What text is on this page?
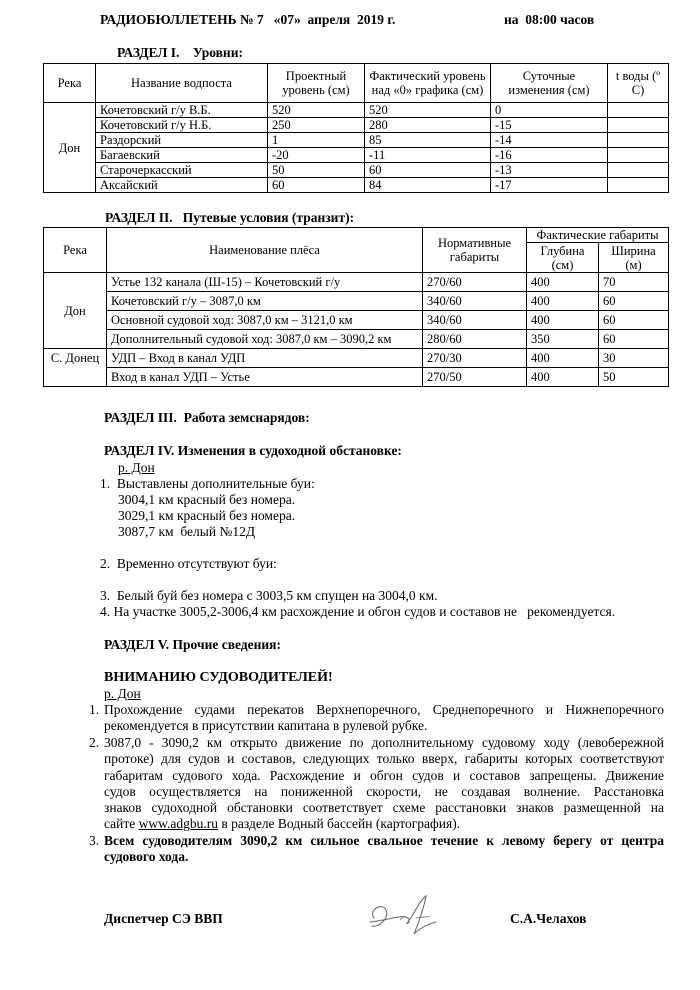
РАДИОБЮЛЛЕТЕНЬ № 7   «07»  апреля  2019 г.	на  08:00 часов
РАЗДЕЛ I.    Уровни:
Река	Название водпоста	Проектный уровень (см)	Фактический уровень над «0» графика (см)	Суточные изменения (см)	t воды (º C)
Дон	Кочетовский г/у В.Б.	520	520	0	
	Кочетовский г/у Н.Б.	250	280	-15	
	Раздорский	1	85	-14	
	Багаевский	-20	-11	-16	
	Старочеркасский	50	60	-13	
	Аксайский	60	84	-17	
РАЗДЕЛ II.   Путевые условия (транзит):
Река	Наименование плёса	Нормативные габариты	Фактические габариты	
			Глубина (см)	Ширина (м)
Дон	Устье 132 канала (Ш-15) – Кочетовский г/у	270/60	400	70
	Кочетовский г/у – 3087,0 км	340/60	400	60
	Основной судовой ход: 3087,0 км – 3121,0 км	340/60	400	60
	Дополнительный судовой ход: 3087,0 км – 3090,2 км	280/60	350	60
С. Донец	УДП – Вход в канал УДП	270/30	400	30
	Вход в канал УДП – Устье	270/50	400	50
РАЗДЕЛ III.  Работа земснарядов:
РАЗДЕЛ IV. Изменения в судоходной обстановке:
р. Дон
1.  Выставлены дополнительные буи:
3004,1 км красный без номера.
3029,1 км красный без номера.
3087,7 км  белый №12Д
2.  Временно отсутствуют буи:
3.  Белый буй без номера с 3003,5 км спущен на 3004,0 км.
4. На участке 3005,2-3006,4 км расхождение и обгон судов и составов не   рекомендуется.
РАЗДЕЛ V. Прочие сведения:
ВНИМАНИЮ СУДОВОДИТЕЛЕЙ!
р. Дон
1. Прохождение судами перекатов Верхнепоречного, Среднепоречного и Нижнепоречного
рекомендуется в присутствии капитана в рулевой рубке.
2. 3087,0 - 3090,2 км открыто движение по дополнительному судовому ходу (левобережной
протоке) для судов и составов, следующих только вверх, габариты которых соответствуют
габаритам судового хода. Расхождение и обгон судов и составов запрещены. Движение
судов осуществляется на пониженной скорости, не создавая волнение. Расстановка
знаков судоходной обстановки соответствует схеме расстановки знаков размещенной на
сайте www.adgbu.ru в разделе Водный бассейн (картография).
3. Всем судоводителям 3090,2 км сильное свальное течение к левому берегу от центра
судового хода.
Диспетчер СЭ ВВП	С.А.Челахов
